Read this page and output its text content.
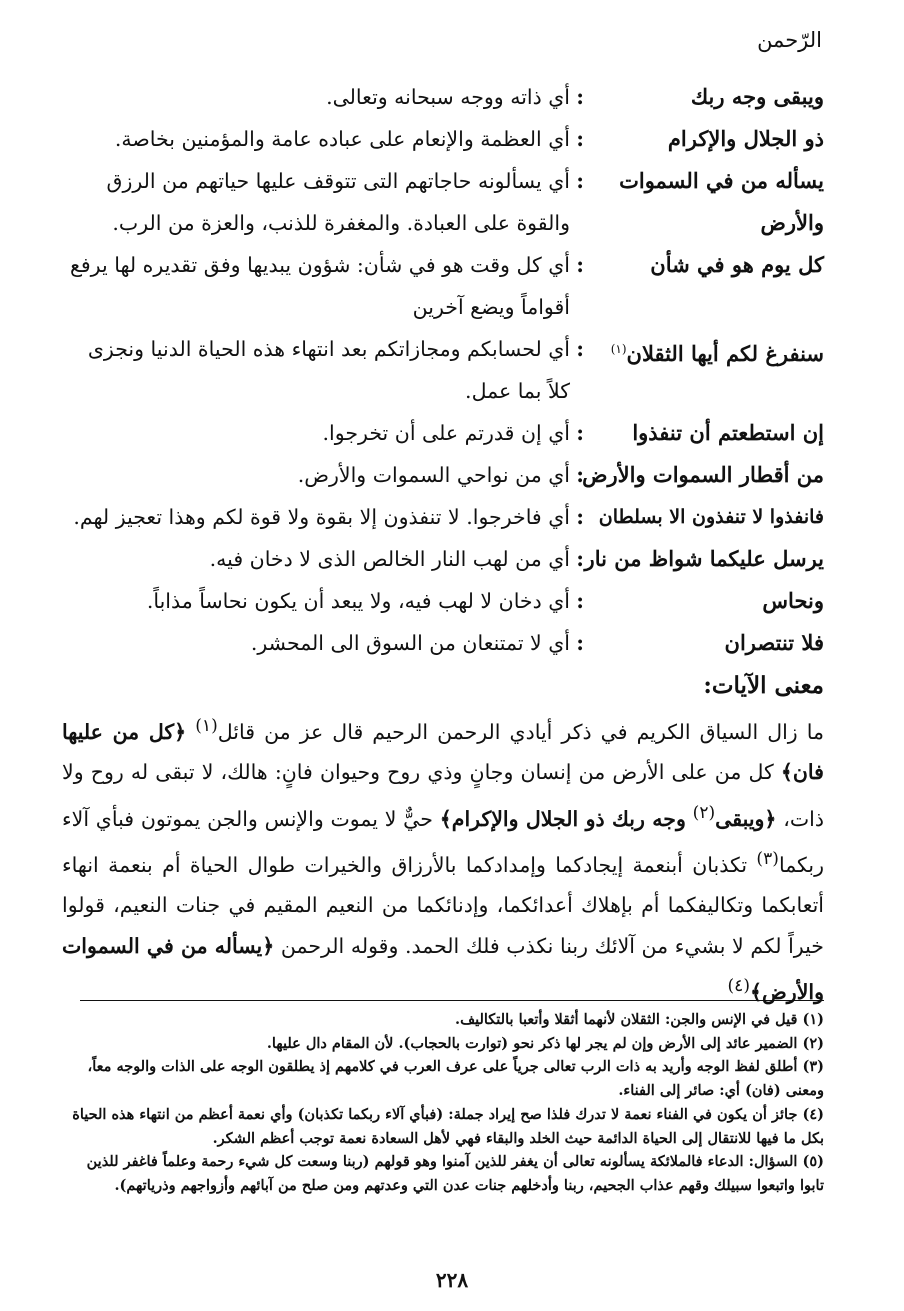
الرّحمن
ويبقى وجه ربك
:
أي ذاته ووجه سبحانه وتعالى.
ذو الجلال والإكرام
:
أي العظمة والإنعام على عباده عامة والمؤمنين بخاصة.
يسأله من في السموات والأرض
:
أي يسألونه حاجاتهم التى تتوقف عليها حياتهم من الرزق والقوة على العبادة. والمغفرة للذنب، والعزة من الرب.
كل يوم هو في شأن
:
أي كل وقت هو في شأن: شؤون يبديها وفق تقديره لها يرفع أقواماً ويضع آخرين
سنفرغ لكم أيها الثقلان$^{(١)}$
:
أي لحسابكم ومجازاتكم بعد انتهاء هذه الحياة الدنيا ونجزى كلاً بما عمل.
إن استطعتم أن تنفذوا
:
أي إن قدرتم على أن تخرجوا.
من أقطار السموات والأرض
:
أي من نواحي السموات والأرض.
فانفذوا لا تنفذون الا بسلطان
:
أي فاخرجوا. لا تنفذون إلا بقوة ولا قوة لكم وهذا تعجيز لهم.
يرسل عليكما شواظ من نار
:
أي من لهب النار الخالص الذى لا دخان فيه.
ونحاس
:
أي دخان لا لهب فيه، ولا يبعد أن يكون نحاساً مذاباً.
فلا تنتصران
:
أي لا تمتنعان من السوق الى المحشر.
معنى الآيات:
ما زال السياق الكريم في ذكر أيادي الرحمن الرحيم قال عز من قائل$^{(١)}$ ﴿كل من عليها فان﴾ كل من على الأرض من إنسان وجانٍ وذي روح وحيوان فانٍ: هالك، لا تبقى له روح ولا ذات، ﴿ويبقى$^{(٢)}$ وجه ربك ذو الجلال والإكرام﴾ حيٌّ لا يموت والإنس والجن يموتون فبأي آلاء ربكما$^{(٣)}$ تكذبان أبنعمة إيجادكما وإمدادكما بالأرزاق والخيرات طوال الحياة أم بنعمة انهاء أتعابكما وتكاليفكما أم بإهلاك أعدائكما، وإدنائكما من النعيم المقيم في جنات النعيم، قولوا خيراً لكم لا بشيء من آلائك ربنا نكذب فلك الحمد. وقوله الرحمن ﴿يسأله من في السموات والأرض﴾$^{(٤)}$

(١) قيل في الإنس والجن: الثقلان لأنهما أثقلا وأتعبا بالتكاليف.

(٢) الضمير عائد إلى الأرض وإن لم يجر لها ذكر نحو (توارت بالحجاب). لأن المقام دال عليها.

(٣) أطلق لفظ الوجه وأريد به ذات الرب تعالى جرياً على عرف العرب في كلامهم إذ يطلقون الوجه على الذات والوجه معاً، ومعنى (فان) أي: صائر إلى الفناء.

(٤) جائز أن يكون في الفناء نعمة لا تدرك فلذا صح إيراد جملة: (فبأي آلاء ربكما تكذبان) وأي نعمة أعظم من انتهاء هذه الحياة بكل ما فيها للانتقال إلى الحياة الدائمة حيث الخلد والبقاء فهي لأهل السعادة نعمة توجب أعظم الشكر.

(٥) السؤال: الدعاء فالملائكة يسألونه تعالى أن يغفر للذين آمنوا وهو قولهم (ربنا وسعت كل شيء رحمة وعلماً فاغفر للذين تابوا واتبعوا سبيلك وقهم عذاب الجحيم، ربنا وأدخلهم جنات عدن التي وعدتهم ومن صلح من آبائهم وأزواجهم وذرياتهم).

٢٢٨
